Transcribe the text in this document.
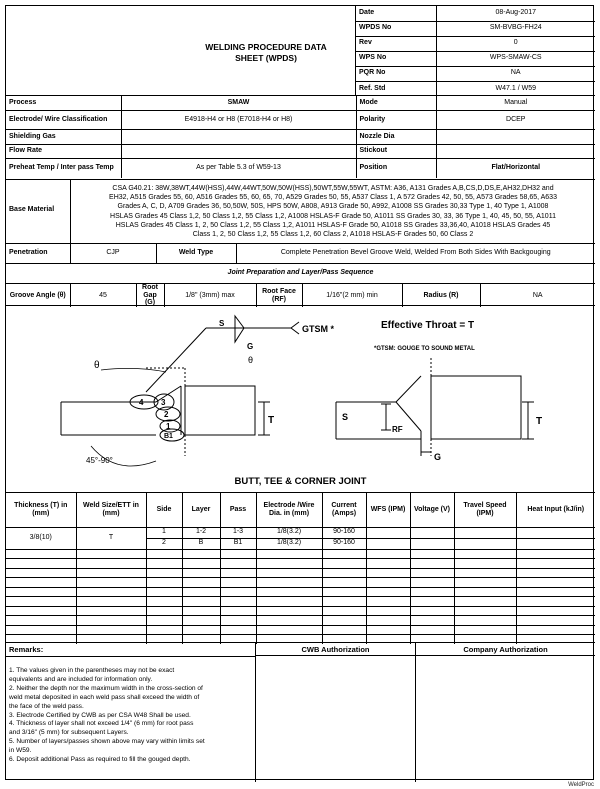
WELDING PROCEDURE DATA
SHEET (WPDS)
Date	08-Aug-2017
WPDS No	SM-BVBG-FH24
Rev	0
WPS No	WPS-SMAW-CS
PQR No	NA
Ref. Std	W47.1 / W59
Process	SMAW	Mode	Manual
Electrode/ Wire Classification	E4918-H4 or H8 (E7018-H4 or H8)	Polarity	DCEP
Shielding Gas		Nozzle Dia	
Flow Rate		Stickout	
Preheat Temp / Inter pass Temp	As per Table 5.3 of W59-13	Position	Flat/Horizontal
Base Material
CSA G40.21: 38W,38WT,44W(HSS),44W,44WT,50W,50W(HSS),50WT,55W,55WT, ASTM: A36, A131 Grades A,B,CS,D,DS,E,AH32,DH32 and
EH32, A515 Grades 55, 60, A516 Grades 55, 60, 65, 70, A529 Grades 50, 55, A537 Class 1, A 572 Grades 42, 50, 55, A573 Grades 58,65, A633
Grades A, C, D, A709 Grades 36, 50,50W, 50S, HPS 50W, A808, A913 Grade 50, A992, A1008 SS Grades 30,33 Type 1, 40 Type 1, A1008
HSLAS Grades 45 Class 1,2, 50 Class 1,2, 55 Class 1,2, A1008 HSLAS-F Grade 50, A1011 SS Grades 30, 33, 36 Type 1, 40, 45, 50, 55, A1011
HSLAS Grades 45 Class 1, 2, 50 Class 1,2, 55 Class 1,2, A1011 HSLAS-F Grade 50, A1018 SS Grades 33,36,40, A1018 HSLAS Grades 45
Class 1, 2, 50 Class 1,2, 55 Class 1,2, 60 Class 2, A1018 HSLAS-F Grades 50, 60 Class 2
Penetration	CJP	Weld Type	Complete Penetration Bevel Groove Weld, Welded From Both Sides With Backgouging
Joint Preparation and Layer/Pass Sequence
Groove Angle (θ)	45	Root Gap (G)	1/8" (3mm) max	Root Face (RF)	1/16"(2 mm) min	Radius (R)	NA
GTSM *
S
G
θ
4 3
2
1
B1
θ
45°-90°
T
Effective Throat = T
*GTSM: GOUGE TO SOUND METAL
S
RF
G
T
BUTT, TEE & CORNER JOINT
Thickness (T) in (mm)	Weld Size/ETT in (mm)	Side	Layer	Pass	Electrode /Wire Dia. in (mm)	Current (Amps)	WFS (IPM)	Voltage (V)	Travel Speed (IPM)	Heat Input (kJ/in)
3/8(10)	T	1	1-2	1-3	1/8(3.2)	90-160				
		2	B	B1	1/8(3.2)	90-160				

Remarks:
1. The values given in the parentheses may not be exact
equivalents and are included for information only.
2. Neither the depth nor the maximum width in the cross-section of
weld metal deposited in each weld pass shall exceed the width of
the face of the weld pass.
3. Electrode Certified by CWB as per CSA W48 Shall be used.
4. Thickness of layer shall not exceed 1/4" (6 mm) for root pass
and 3/16" (5 mm) for subsequent Layers.
5. Number of layers/passes shown above may vary within limits set
in W59.
6. Deposit additional Pass as required to fill the gouged depth.
CWB Authorization	Company Authorization
WeldProc
